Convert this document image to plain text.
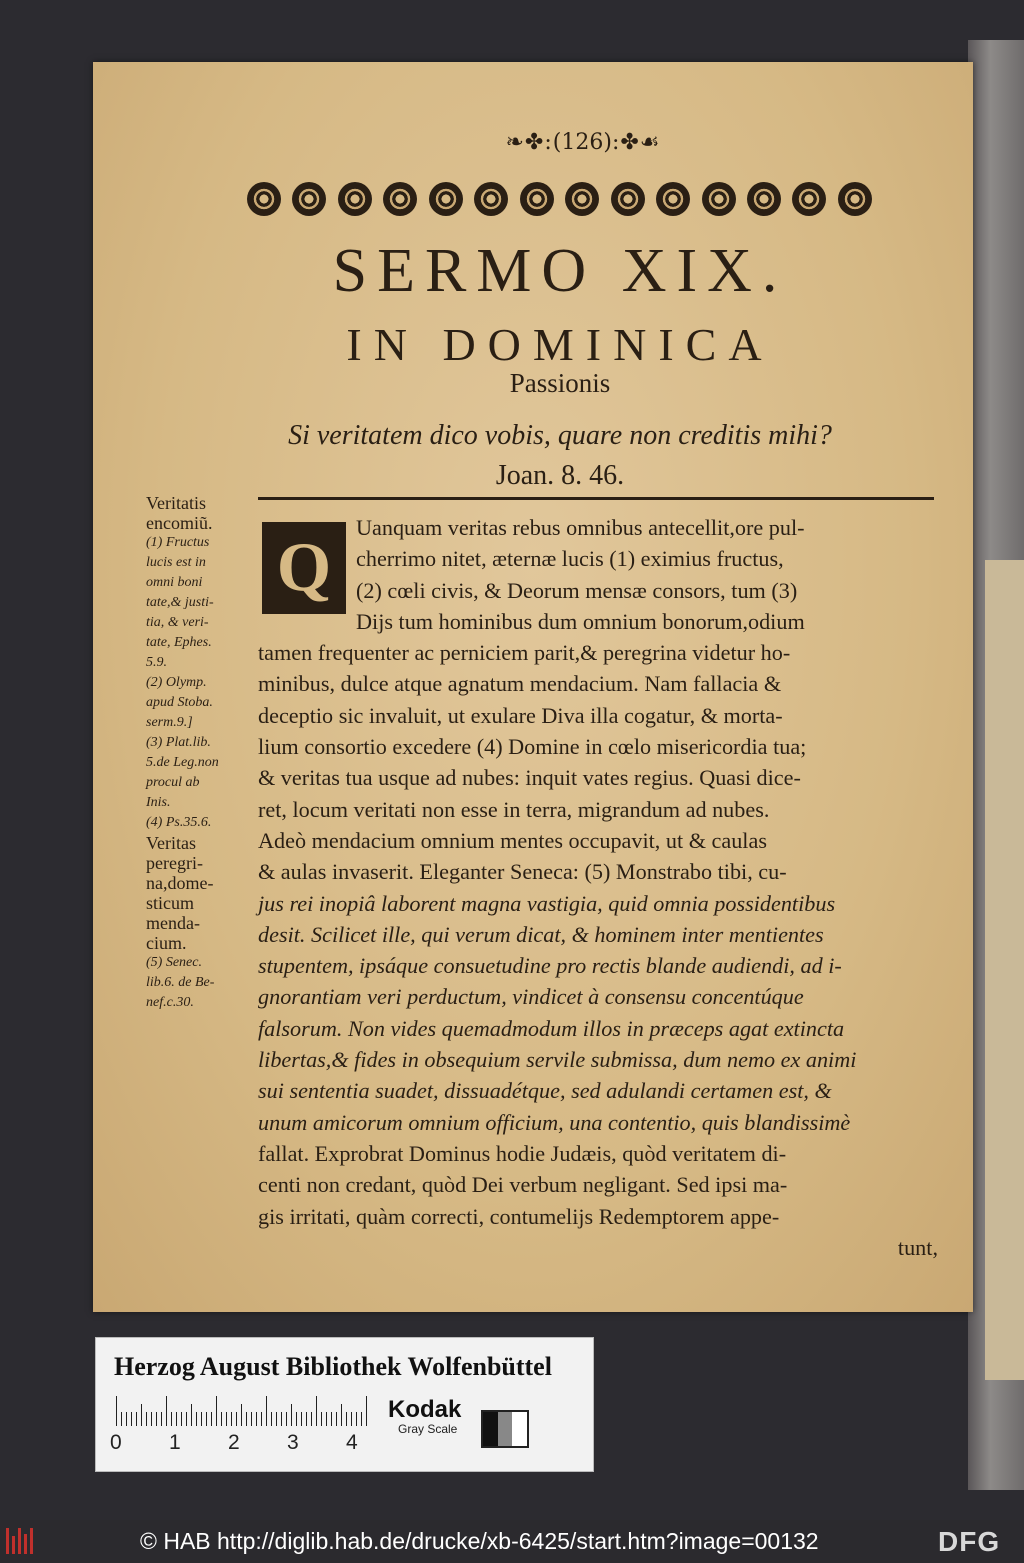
❧✤:(126):✤☙
SERMO XIX.
IN DOMINICA
Passionis
Si veritatem dico vobis, quare non creditis mihi?
Joan. 8. 46.
Veritatis
encomiũ.
(1) Fructus
lucis est in
omni boni
tate,& justi-
tia, & veri-
tate, Ephes.
5.9.
(2) Olymp.
apud Stoba.
serm.9.]
(3) Plat.lib.
5.de Leg.non
procul ab
Inis.
(4) Ps.35.6.
Veritas
peregri-
na,dome-
sticum
menda-
cium.
(5) Senec.
lib.6. de Be-
nef.c.30.
Q
Uanquam veritas rebus omnibus antecellit,ore pul-
cherrimo nitet, æternæ lucis (1) eximius fructus,
(2) cœli civis, & Deorum mensæ consors, tum (3)
Dijs tum hominibus dum omnium bonorum,odium
tamen frequenter ac perniciem parit,& peregrina videtur ho-
minibus, dulce atque agnatum mendacium. Nam fallacia &
deceptio sic invaluit, ut exulare Diva illa cogatur, & morta-
lium consortio excedere (4) Domine in cœlo misericordia tua;
& veritas tua usque ad nubes: inquit vates regius. Quasi dice-
ret, locum veritati non esse in terra, migrandum ad nubes.
Adeò mendacium omnium mentes occupavit, ut & caulas
& aulas invaserit. Eleganter Seneca: (5) Monstrabo tibi, cu-
jus rei inopiâ laborent magna vastigia, quid omnia possidentibus
desit. Scilicet ille, qui verum dicat, & hominem inter mentientes
stupentem, ipsáque consuetudine pro rectis blande audiendi, ad i-
gnorantiam veri perductum, vindicet à consensu concentúque
falsorum. Non vides quemadmodum illos in præceps agat extincta
libertas,& fides in obsequium servile submissa, dum nemo ex animi
sui sententia suadet, dissuadétque, sed adulandi certamen est, &
unum amicorum omnium officium, una contentio, quis blandissimè
fallat. Exprobrat Dominus hodie Judæis, quòd veritatem di-
centi non credant, quòd Dei verbum negligant. Sed ipsi ma-
gis irritati, quàm correcti, contumelijs Redemptorem appe-
tunt,
Herzog August Bibliothek Wolfenbüttel
0 1 2 3 4
Kodak
Gray Scale
© HAB http://diglib.hab.de/drucke/xb-6425/start.htm?image=00132	DFG
